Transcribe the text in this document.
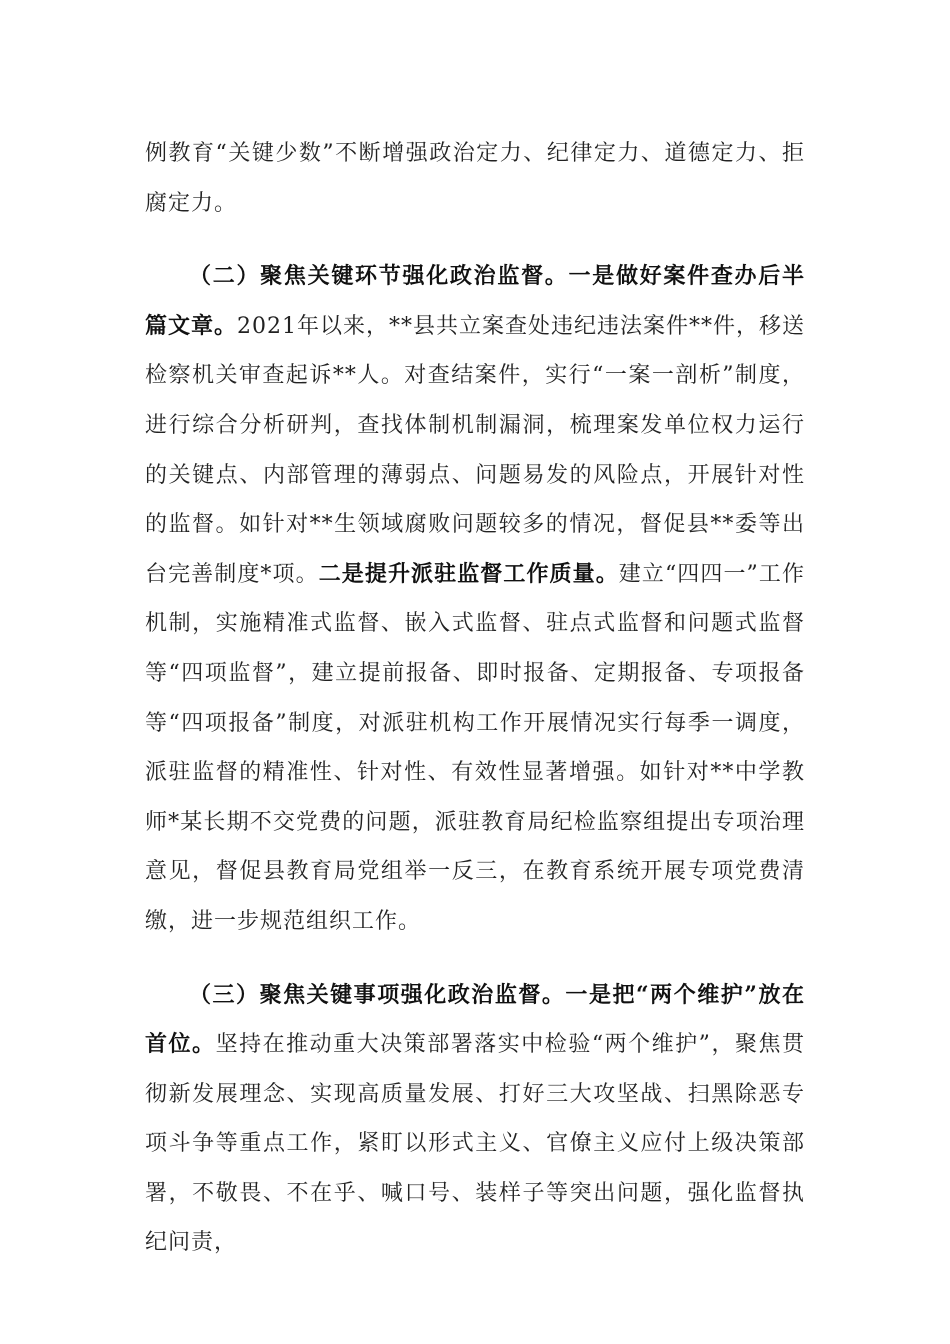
例教育“关键少数”不断增强政治定力、纪律定力、道德定力、拒腐定力。

（二）聚焦关键环节强化政治监督。一是做好案件查办后半篇文章。2021年以来，**县共立案查处违纪违法案件**件，移送检察机关审查起诉**人。对查结案件，实行“一案一剖析”制度，进行综合分析研判，查找体制机制漏洞，梳理案发单位权力运行的关键点、内部管理的薄弱点、问题易发的风险点，开展针对性的监督。如针对**生领域腐败问题较多的情况，督促县**委等出台完善制度*项。二是提升派驻监督工作质量。建立“四四一”工作机制，实施精准式监督、嵌入式监督、驻点式监督和问题式监督等“四项监督”，建立提前报备、即时报备、定期报备、专项报备等“四项报备”制度，对派驻机构工作开展情况实行每季一调度，派驻监督的精准性、针对性、有效性显著增强。如针对**中学教师*某长期不交党费的问题，派驻教育局纪检监察组提出专项治理意见，督促县教育局党组举一反三，在教育系统开展专项党费清缴，进一步规范组织工作。

（三）聚焦关键事项强化政治监督。一是把“两个维护”放在首位。坚持在推动重大决策部署落实中检验“两个维护”，聚焦贯彻新发展理念、实现高质量发展、打好三大攻坚战、扫黑除恶专项斗争等重点工作，紧盯以形式主义、官僚主义应付上级决策部署，不敬畏、不在乎、喊口号、装样子等突出问题，强化监督执纪问责，
